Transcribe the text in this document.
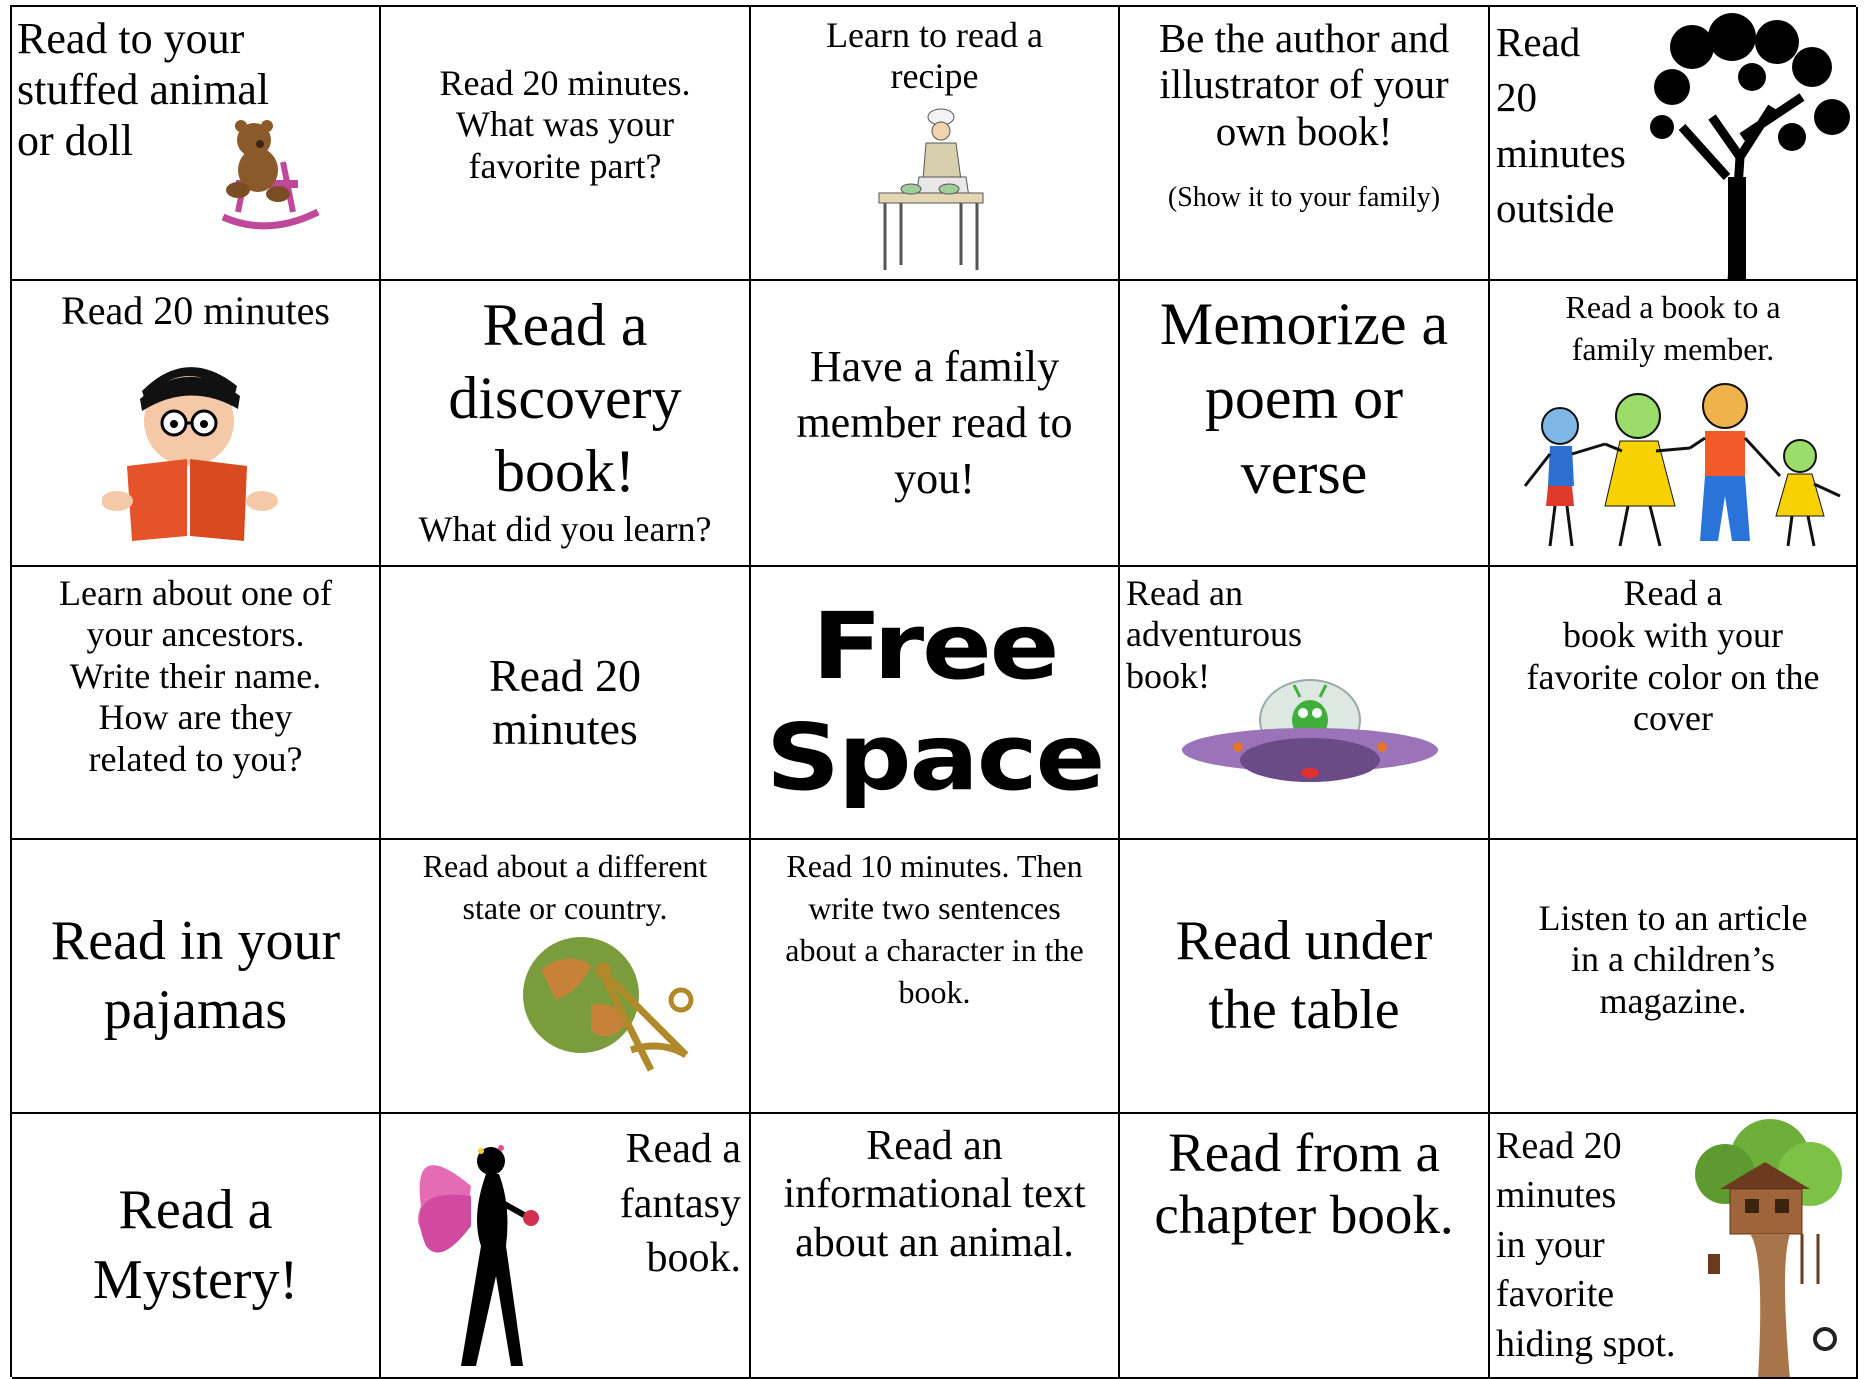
Read to your
stuffed animal
or doll

Read 20 minutes.
What was your
favorite part?

Learn to read a
recipe

Be the author and
illustrator of your
own book!

(Show it to your family)

Read
20
minutes
outside

Read 20 minutes	Read a
discovery
book!

What did you learn?

Have a family
member read to
you!

Memorize a
poem or
verse

Read a book to a
family member.

Learn about one of
your ancestors.
Write their name.
How are they
related to you?

Read 20
minutes
Free
Space

Read an
adventurous
book!

Read a
book with your
favorite color on the
cover

Read in your
pajamas

Read about a different
state or country.

Read 10 minutes. Then
write two sentences
about a character in the
book.

Read under
the table
Listen to an article
in a children’s
magazine.
Read a
Mystery!

Read a
fantasy
book.

Read an
informational text
about an animal.

Read from a
chapter book.

Read 20
minutes
in your
favorite
hiding spot.
